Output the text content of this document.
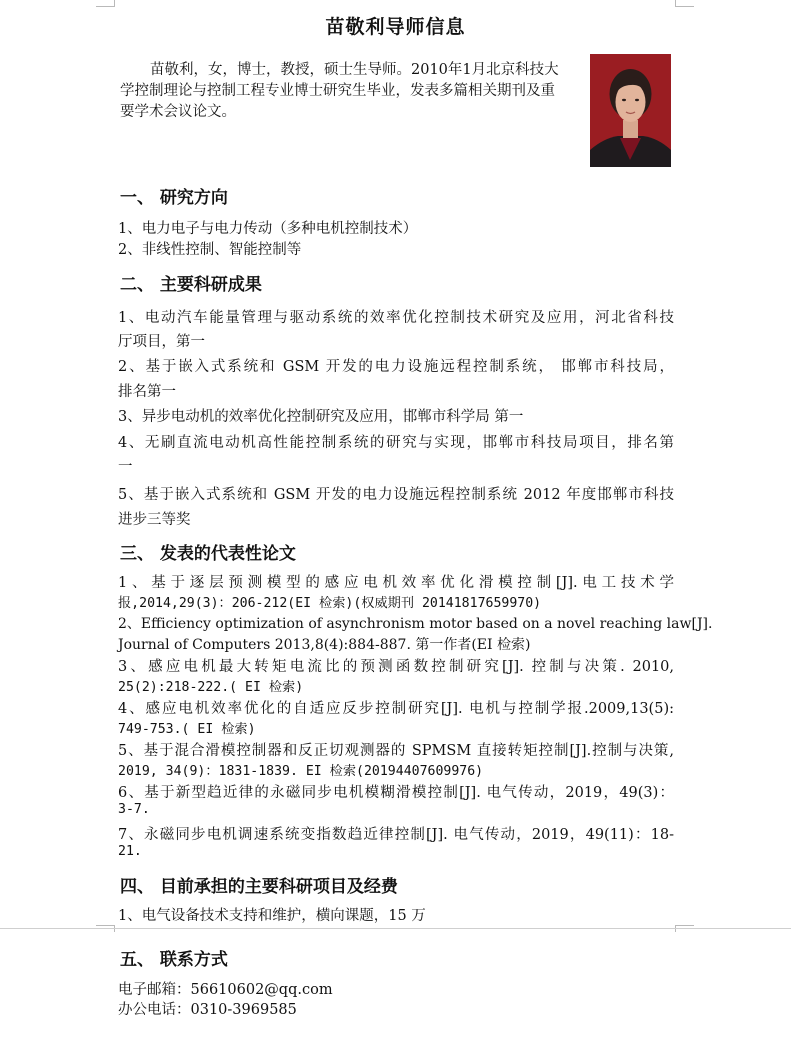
苗敬利导师信息
苗敬利，女，博士，教授，硕士生导师。2010年1月北京科技大学控制理论与控制工程专业博士研究生毕业，发表多篇相关期刊及重要学术会议论文。
一、 研究方向
1、电力电子与电力传动（多种电机控制技术）
2、非线性控制、智能控制等
二、 主要科研成果
1、电动汽车能量管理与驱动系统的效率优化控制技术研究及应用，河北省科技
厅项目，第一
2、基于嵌入式系统和 GSM 开发的电力设施远程控制系统， 邯郸市科技局，
排名第一
3、异步电动机的效率优化控制研究及应用，邯郸市科学局 第一
4、无刷直流电动机高性能控制系统的研究与实现，邯郸市科技局项目，排名第
一
5、基于嵌入式系统和 GSM 开发的电力设施远程控制系统 2012 年度邯郸市科技
进步三等奖
三、 发表的代表性论文
1、基于逐层预测模型的感应电机效率优化滑模控制[J].电工技术学
报,2014,29(3)：206-212(EI 检索)(权威期刊 20141817659970)
2、Efficiency optimization of asynchronism motor based on a novel reaching law[J].
Journal of Computers 2013,8(4):884-887. 第一作者(EI 检索)
3、感应电机最大转矩电流比的预测函数控制研究[J]. 控制与决策. 2010,
25(2):218-222.( EI 检索)
4、感应电机效率优化的自适应反步控制研究[J]. 电机与控制学报.2009,13(5):
749-753.( EI 检索)
5、基于混合滑模控制器和反正切观测器的 SPMSM 直接转矩控制[J].控制与决策,
2019, 34(9)：1831-1839. EI 检索(20194407609976)
6、基于新型趋近律的永磁同步电机模糊滑模控制[J]. 电气传动，2019，49(3)：
3-7.
7、永磁同步电机调速系统变指数趋近律控制[J]. 电气传动，2019，49(11)：18-
21.
四、 目前承担的主要科研项目及经费
1、电气设备技术支持和维护，横向课题，15 万
五、 联系方式
电子邮箱：56610602@qq.com
办公电话：0310-3969585
